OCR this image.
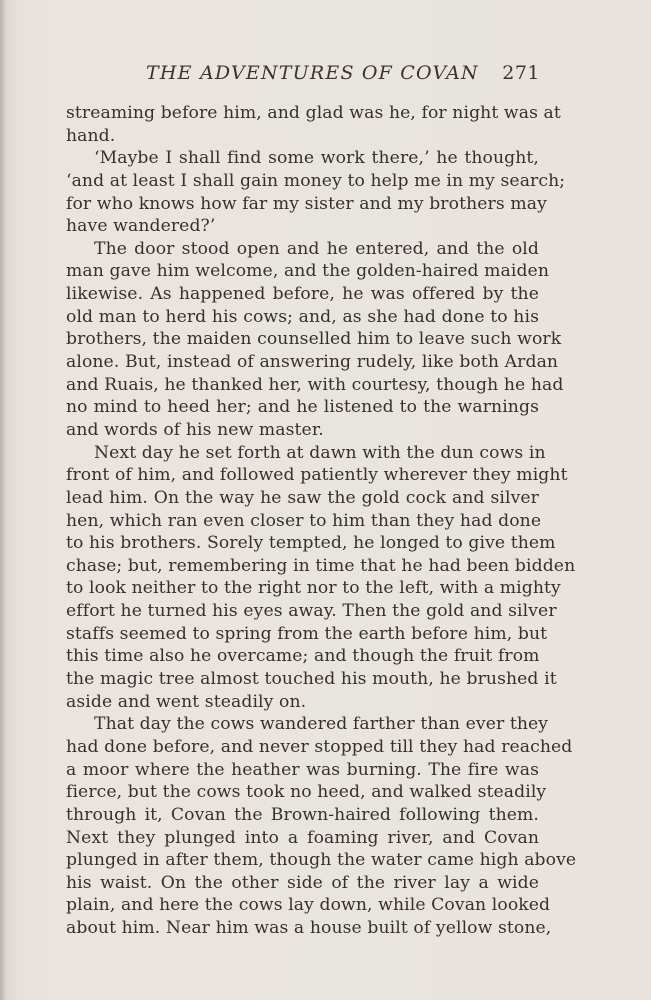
THE ADVENTURES OF COVAN 271
streaming before him, and glad was he, for night was at
hand.
‘Maybe I shall find some work there,’ he thought,
‘and at least I shall gain money to help me in my search;
for who knows how far my sister and my brothers may
have wandered?’
The door stood open and he entered, and the old
man gave him welcome, and the golden-haired maiden
likewise. As happened before, he was offered by the
old man to herd his cows; and, as she had done to his
brothers, the maiden counselled him to leave such work
alone. But, instead of answering rudely, like both Ardan
and Ruais, he thanked her, with courtesy, though he had
no mind to heed her; and he listened to the warnings
and words of his new master.
Next day he set forth at dawn with the dun cows in
front of him, and followed patiently wherever they might
lead him. On the way he saw the gold cock and silver
hen, which ran even closer to him than they had done
to his brothers. Sorely tempted, he longed to give them
chase; but, remembering in time that he had been bidden
to look neither to the right nor to the left, with a mighty
effort he turned his eyes away. Then the gold and silver
staffs seemed to spring from the earth before him, but
this time also he overcame; and though the fruit from
the magic tree almost touched his mouth, he brushed it
aside and went steadily on.
That day the cows wandered farther than ever they
had done before, and never stopped till they had reached
a moor where the heather was burning. The fire was
fierce, but the cows took no heed, and walked steadily
through it, Covan the Brown-haired following them.
Next they plunged into a foaming river, and Covan
plunged in after them, though the water came high above
his waist. On the other side of the river lay a wide
plain, and here the cows lay down, while Covan looked
about him. Near him was a house built of yellow stone,
